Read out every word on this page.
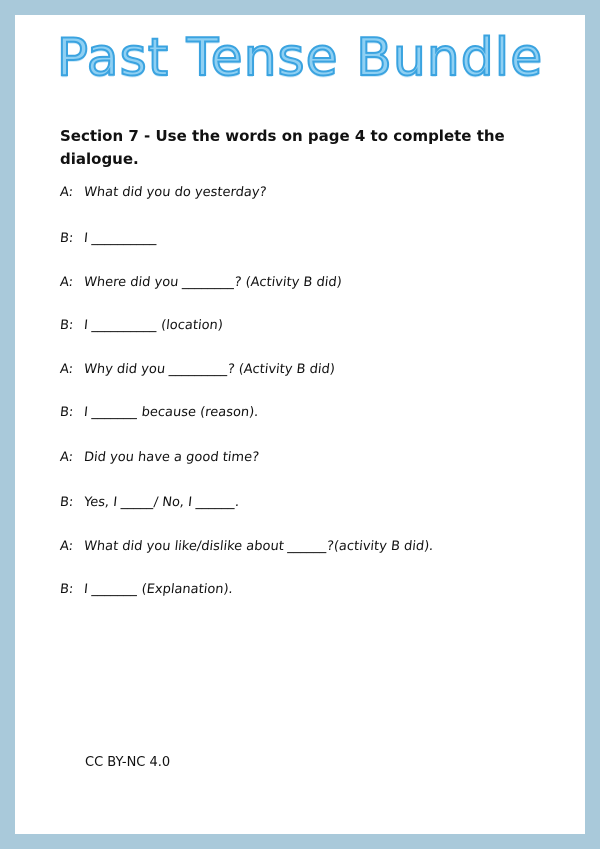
Past Tense Bundle

Section 7 - Use the words on page 4 to complete the dialogue.

A: What did you do yesterday?
B: I __________
A: Where did you ________? (Activity B did)
B: I __________ (location)
A: Why did you _________? (Activity B did)
B: I _______ because (reason).
A: Did you have a good time?
B: Yes, I _____/ No, I ______.
A: What did you like/dislike about ______?(activity B did).
B: I _______ (Explanation).
CC BY-NC 4.0
